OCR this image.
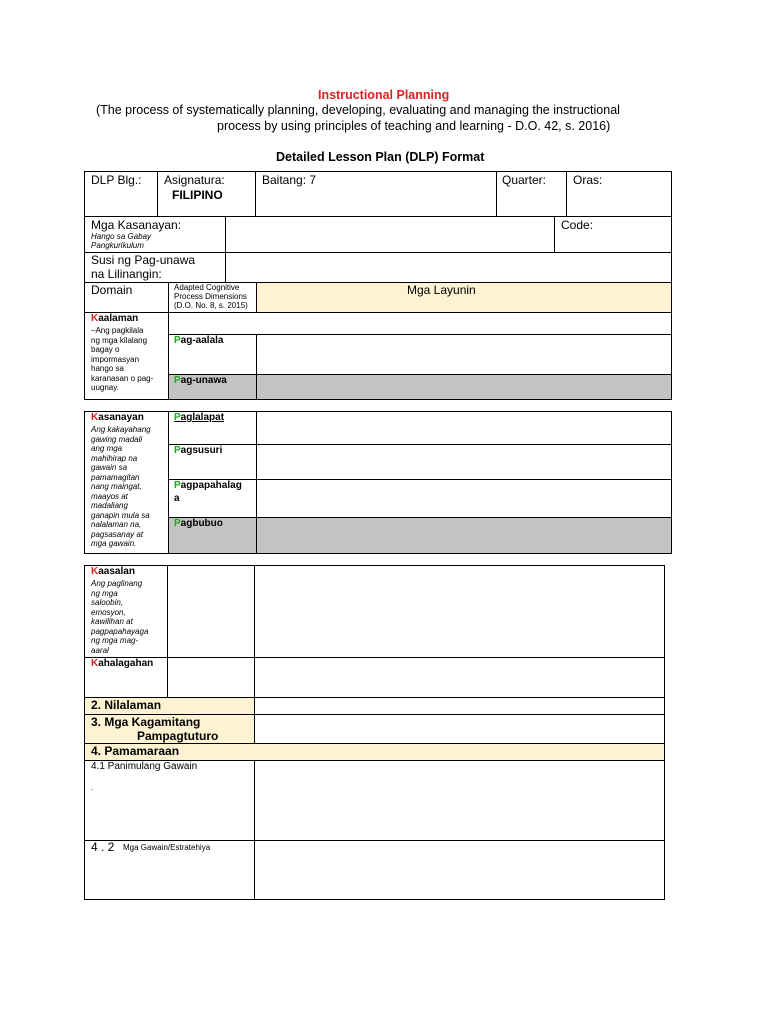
Instructional Planning
(The process of systematically planning, developing, evaluating and managing the instructional
process by using principles of teaching and learning - D.O. 42, s. 2016)
Detailed Lesson Plan (DLP) Format
DLP Blg.: Asignatura:
FILIPINO
Baitang: 7	Quarter: Oras:
Mga Kasanayan:
Hango sa Gabay
Pangkurikulum
Code:
Susi ng Pag-unawa
na Lilinangin:
Domain	Adapted Cognitive
Process Dimensions
(D.O. No. 8, s. 2015)
Mga Layunin
Kaalaman
–Ang pagkilala
ng mga kilalang
bagay o
impormasyan
hango sa
karanasan o pag-
uugnay.
Pag-aalala
Pag-unawa
Kasanayan
Ang kakayahang
gawing madali
ang mga
mahihirap na
gawain sa
pamamagitan
nang maingat,
maayos at
madaliang
ganapin mula sa
nalalaman na,
pagsasanay at
mga gawain.
Paglalapat
Pagsusuri
Pagpapahalag
a
Pagbubuo
Kaasalan
Ang paglinang
ng mga
saloobin,
emosyon,
kawilihan at
pagpapahayaga
ng mga mag-
aaral
Kahalagahan
2. Nilalaman
3. Mga Kagamitang
Pampagtuturo
4. Pamamaraan
4.1 Panimulang Gawain
.
4 . 2 Mga Gawain/Estratehiya
